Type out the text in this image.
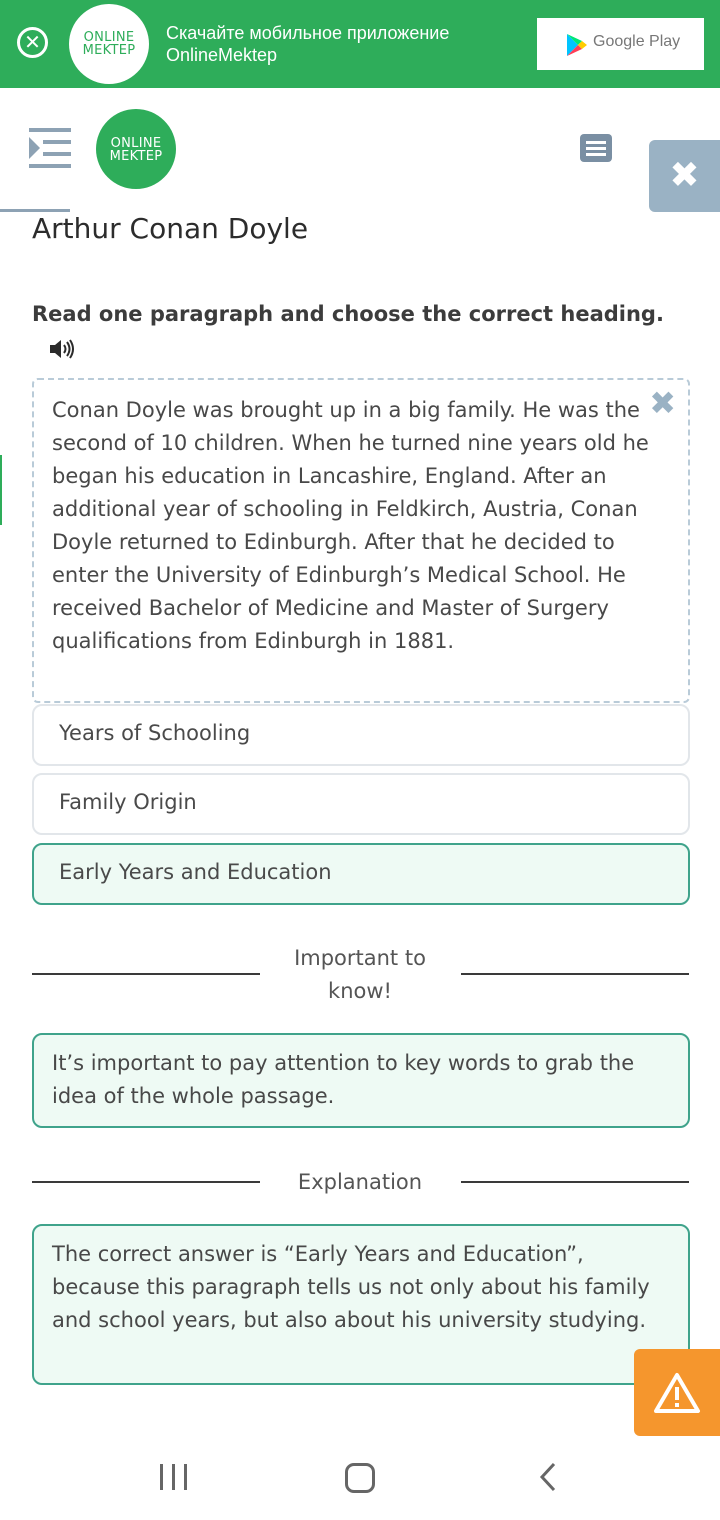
✕	ONLINE
MEKTEP
Скачайте мобильное приложение
OnlineMektep
Google Play
ONLINE
MEKTEP	✖
Arthur Conan Doyle
Read one paragraph and choose the correct heading.
Conan Doyle was brought up in a big family. He was the second of 10 children. When he turned nine years old he began his education in Lancashire, England. After an additional year of schooling in Feldkirch, Austria, Conan Doyle returned to Edinburgh. After that he decided to enter the University of Edinburgh’s Medical School. He received Bachelor of Medicine and Master of Surgery qualifications from Edinburgh in 1881.
✖
Years of Schooling
Family Origin
Early Years and Education
Important to know!
It’s important to pay attention to key words to grab the idea of the whole passage.
Explanation
The correct answer is “Early Years and Education”, because this paragraph tells us not only about his family and school years, but also about his university studying.
